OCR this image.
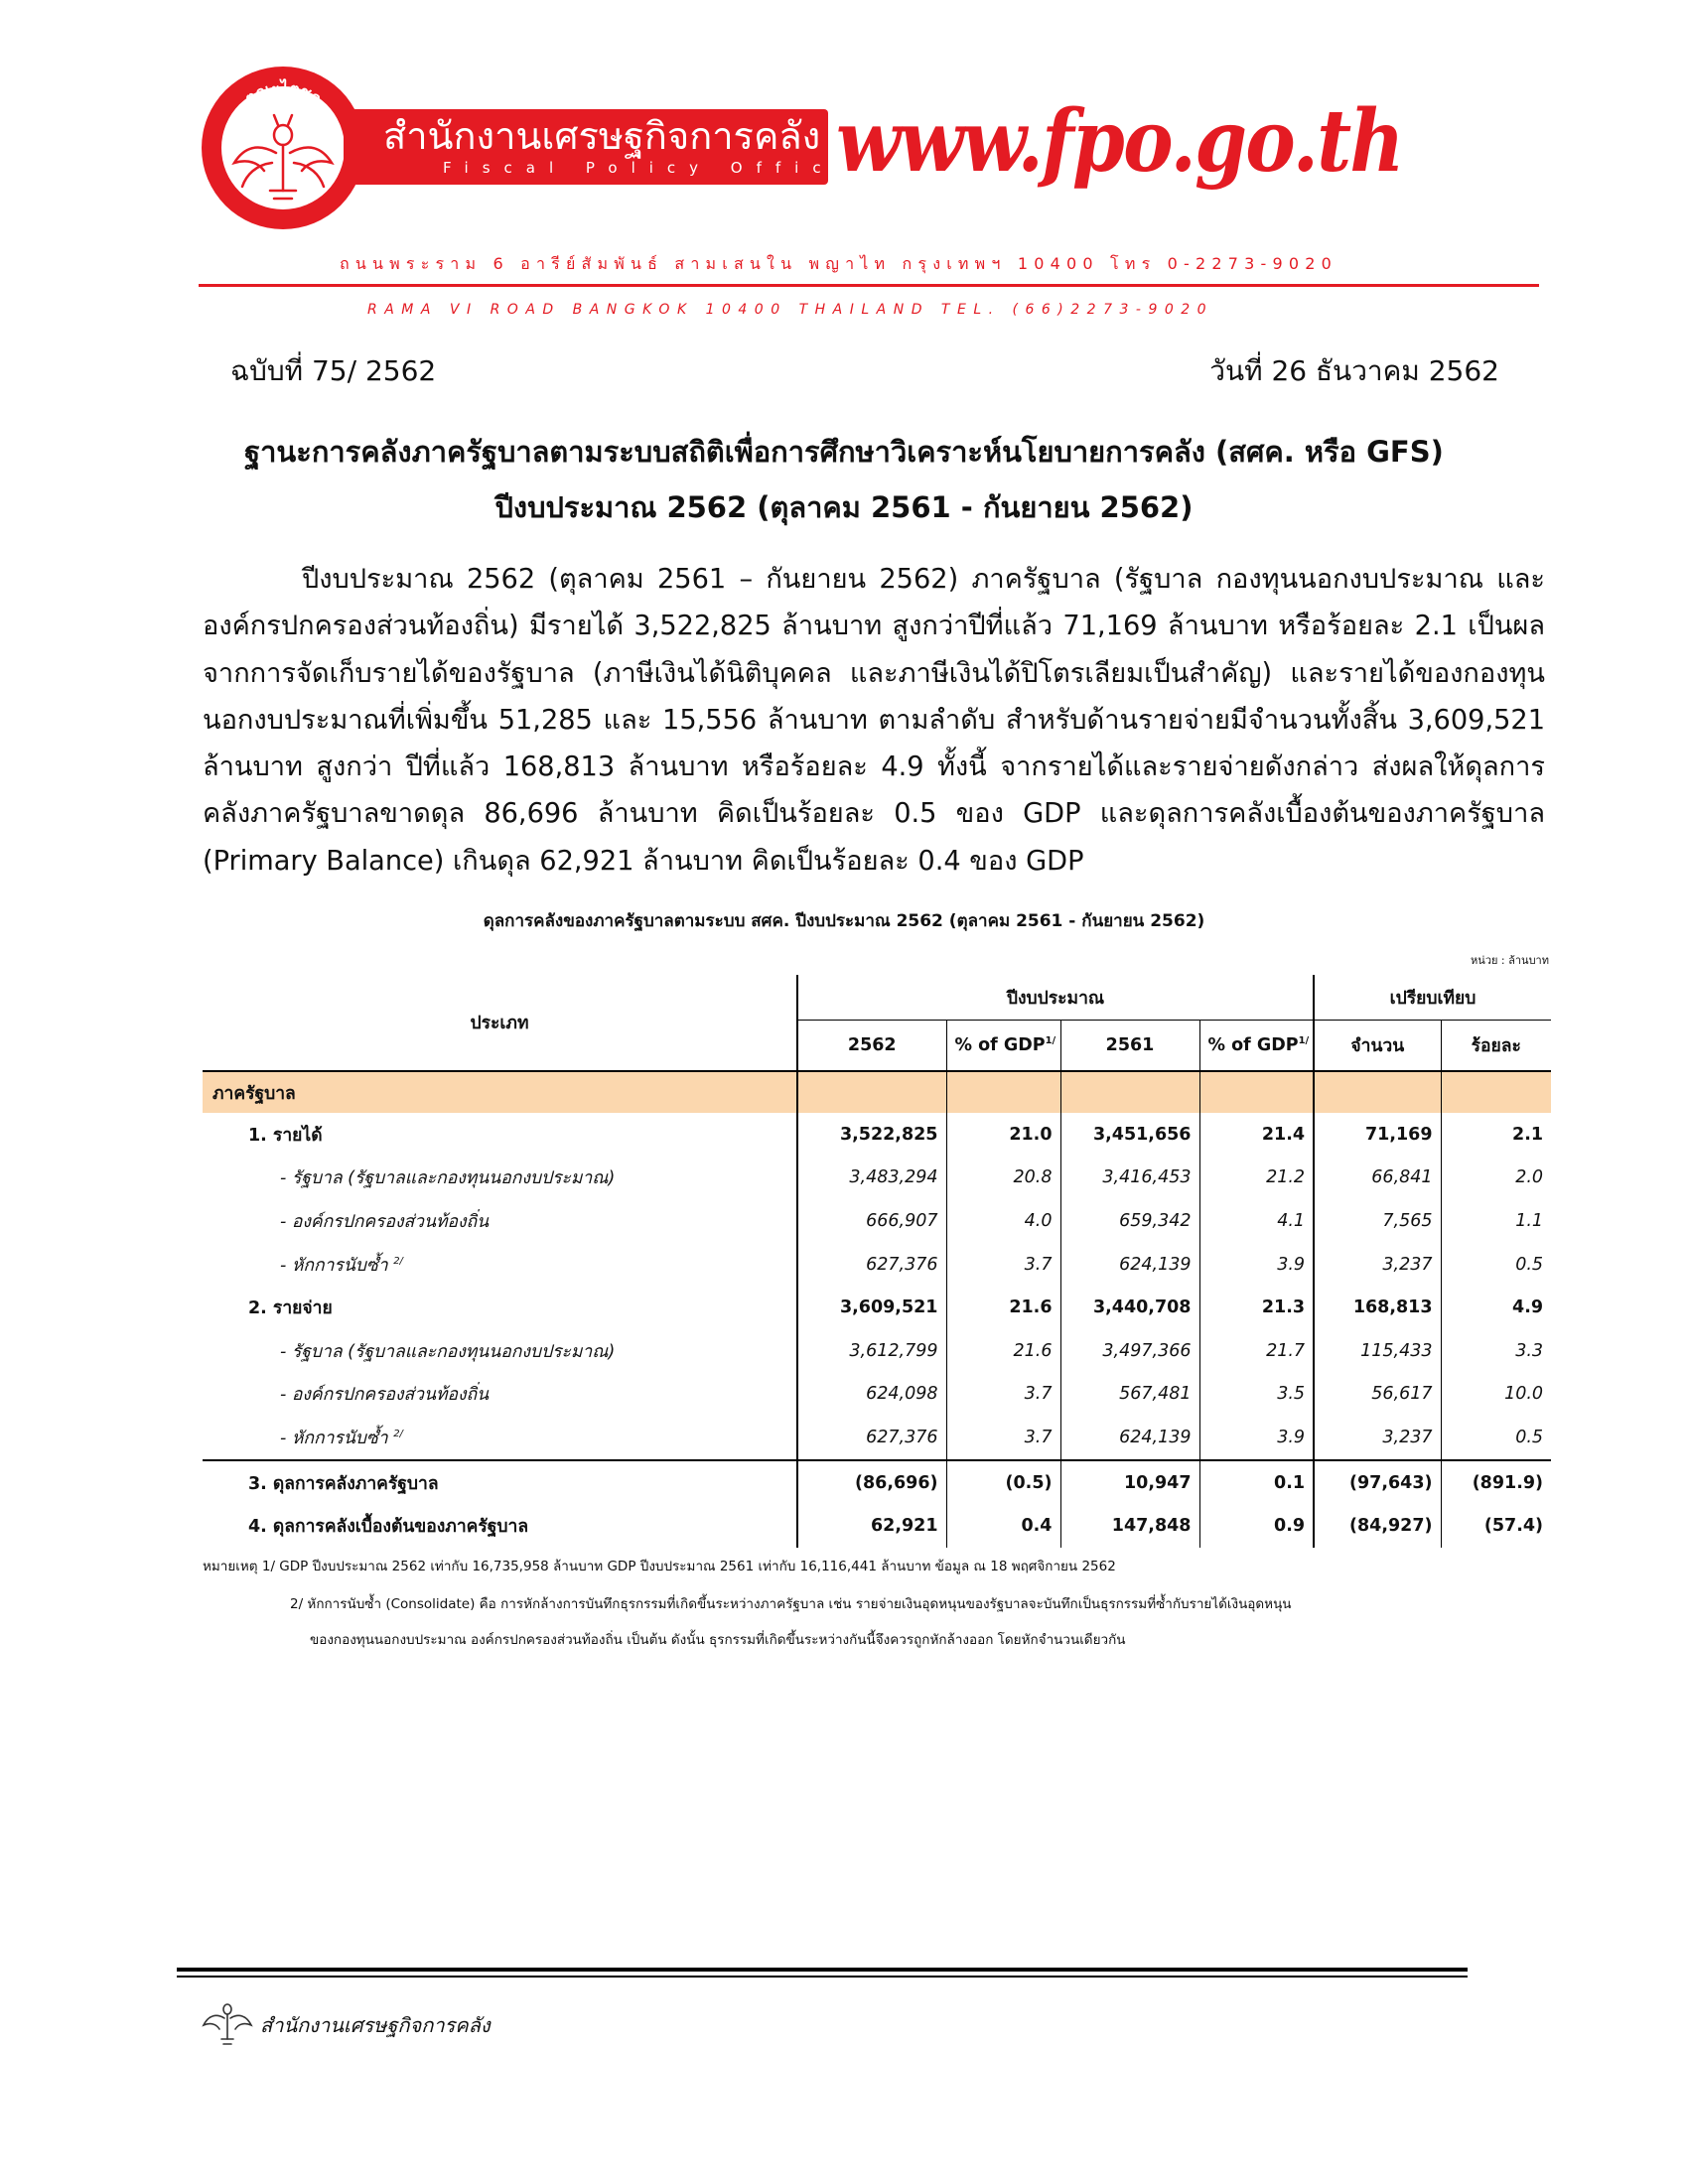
ตณะไตชก
สำนักงานเศรษฐกิจการคลัง
Fiscal Policy Office
www.fpo.go.th
ถนนพระราม 6 อารีย์สัมพันธ์ สามเสนใน พญาไท กรุงเทพฯ 10400 โทร 0-2273-9020
RAMA VI ROAD BANGKOK 10400 THAILAND TEL. (66)2273-9020
ฉบับที่ 75/ 2562	วันที่ 26 ธันวาคม 2562
ฐานะการคลังภาครัฐบาลตามระบบสถิติเพื่อการศึกษาวิเคราะห์นโยบายการคลัง (สศค. หรือ GFS)
ปีงบประมาณ 2562 (ตุลาคม 2561 - กันยายน 2562)
ปีงบประมาณ 2562 (ตุลาคม 2561 – กันยายน 2562) ภาครัฐบาล (รัฐบาล กองทุนนอกงบประมาณ และองค์กรปกครองส่วนท้องถิ่น) มีรายได้ 3,522,825 ล้านบาท สูงกว่าปีที่แล้ว 71,169 ล้านบาท หรือร้อยละ 2.1 เป็นผลจากการจัดเก็บรายได้ของรัฐบาล (ภาษีเงินได้นิติบุคคล และภาษีเงินได้ปิโตรเลียมเป็นสำคัญ) และรายได้ของกองทุนนอกงบประมาณที่เพิ่มขึ้น 51,285 และ 15,556 ล้านบาท ตามลำดับ สำหรับด้านรายจ่ายมีจำนวนทั้งสิ้น 3,609,521 ล้านบาท สูงกว่า ปีที่แล้ว 168,813 ล้านบาท หรือร้อยละ 4.9 ทั้งนี้ จากรายได้และรายจ่ายดังกล่าว ส่งผลให้ดุลการคลังภาครัฐบาลขาดดุล 86,696 ล้านบาท คิดเป็นร้อยละ 0.5 ของ GDP และดุลการคลังเบื้องต้นของภาครัฐบาล (Primary Balance) เกินดุล 62,921 ล้านบาท คิดเป็นร้อยละ 0.4 ของ GDP
ดุลการคลังของภาครัฐบาลตามระบบ สศค. ปีงบประมาณ 2562 (ตุลาคม 2561 - กันยายน 2562)
หน่วย : ล้านบาท
ประเภท	ปีงบประมาณ				เปรียบเทียบ	
	2562	% of $GDP^{1/}$	2561	% of $GDP^{1/}$	จำนวน	ร้อยละ
ภาครัฐบาล						
1. รายได้	3,522,825	21.0	3,451,656	21.4	71,169	2.1
- รัฐบาล (รัฐบาลและกองทุนนอกงบประมาณ)	3,483,294	20.8	3,416,453	21.2	66,841	2.0
- องค์กรปกครองส่วนท้องถิ่น	666,907	4.0	659,342	4.1	7,565	1.1
- หักการนับซ้ำ $^{2/}$	627,376	3.7	624,139	3.9	3,237	0.5
2. รายจ่าย	3,609,521	21.6	3,440,708	21.3	168,813	4.9
- รัฐบาล (รัฐบาลและกองทุนนอกงบประมาณ)	3,612,799	21.6	3,497,366	21.7	115,433	3.3
- องค์กรปกครองส่วนท้องถิ่น	624,098	3.7	567,481	3.5	56,617	10.0
- หักการนับซ้ำ $^{2/}$	627,376	3.7	624,139	3.9	3,237	0.5
3. ดุลการคลังภาครัฐบาล	(86,696)	(0.5)	10,947	0.1	(97,643)	(891.9)
4. ดุลการคลังเบื้องต้นของภาครัฐบาล	62,921	0.4	147,848	0.9	(84,927)	(57.4)
หมายเหตุ 1/ GDP ปีงบประมาณ 2562 เท่ากับ 16,735,958 ล้านบาท GDP ปีงบประมาณ 2561 เท่ากับ 16,116,441 ล้านบาท ข้อมูล ณ 18 พฤศจิกายน 2562
2/ หักการนับซ้ำ (Consolidate) คือ การหักล้างการบันทึกธุรกรรมที่เกิดขึ้นระหว่างภาครัฐบาล เช่น รายจ่ายเงินอุดหนุนของรัฐบาลจะบันทึกเป็นธุรกรรมที่ซ้ำกับรายได้เงินอุดหนุน
ของกองทุนนอกงบประมาณ องค์กรปกครองส่วนท้องถิ่น เป็นต้น ดังนั้น ธุรกรรมที่เกิดขึ้นระหว่างกันนี้จึงควรถูกหักล้างออก โดยหักจำนวนเดียวกัน
สำนักงานเศรษฐกิจการคลัง
